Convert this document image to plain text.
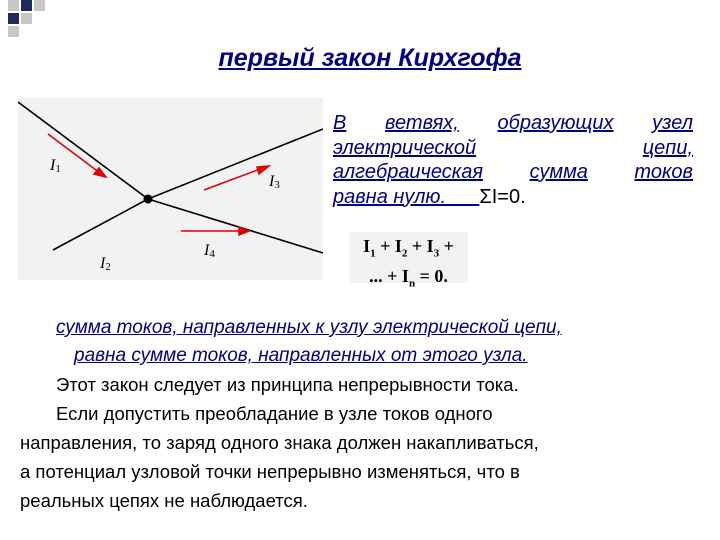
первый закон Кирхгофа
I1
I3
I2
I4
В ветвях, образующих узел
электрической	цепи,
алгебраическая сумма токов
равна нулю. ΣI=0.
$I_1 + I_2 + I_3$ +
... + $I_n = 0$.
сумма токов, направленных к узлу электрической цепи,
равна сумме токов, направленных от этого узла.
Этот закон следует из принципа непрерывности тока.
Если допустить преобладание в узле токов одного
направления, то заряд одного знака должен накапливаться,
а потенциал узловой точки непрерывно изменяться, что в
реальных цепях не наблюдается.
